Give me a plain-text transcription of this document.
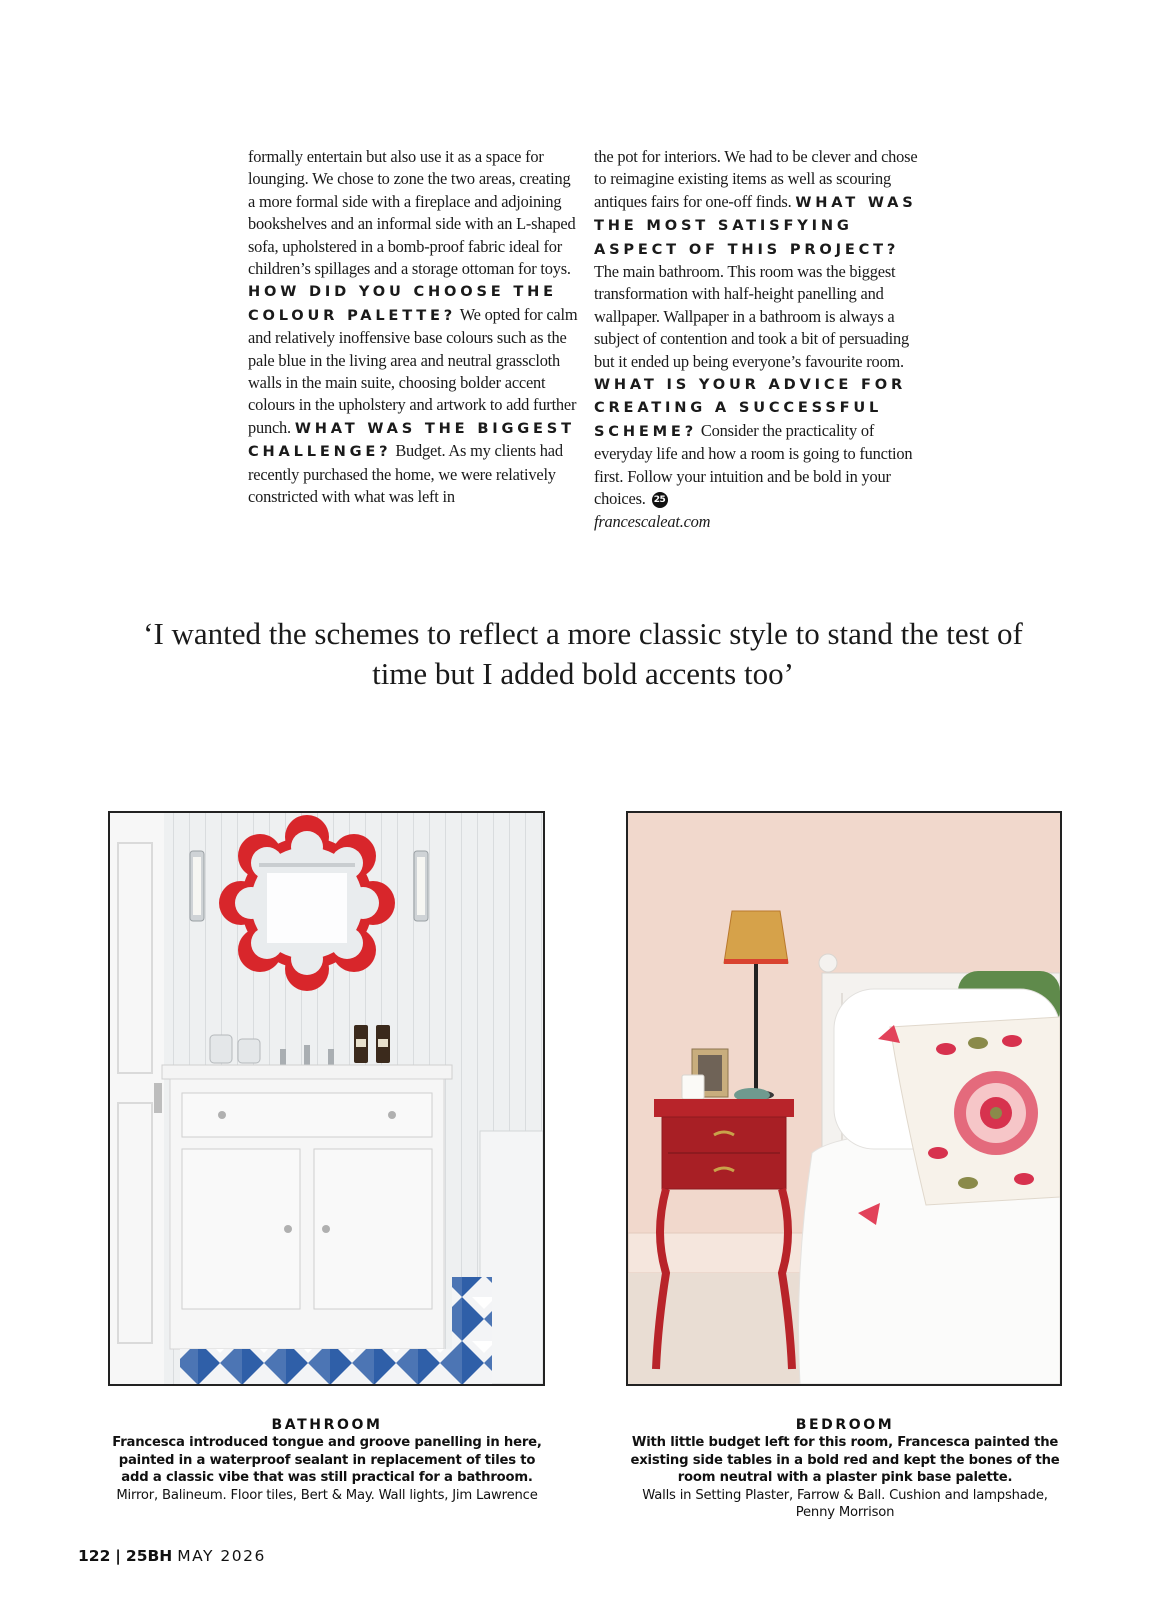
formally entertain but also use it as a space for lounging. We chose to zone the two areas, creating a more formal side with a fireplace and adjoining bookshelves and an informal side with an L-shaped sofa, upholstered in a bomb-proof fabric ideal for children’s spillages and a storage ottoman for toys. HOW DID YOU CHOOSE THE COLOUR PALETTE? We opted for calm and relatively inoffensive base colours such as the pale blue in the living area and neutral grasscloth walls in the main suite, choosing bolder accent colours in the upholstery and artwork to add further punch. WHAT WAS THE BIGGEST CHALLENGE? Budget. As my clients had recently purchased the home, we were relatively constricted with what was left in

the pot for interiors. We had to be clever and chose to reimagine existing items as well as scouring antiques fairs for one-off finds. WHAT WAS THE MOST SATISFYING ASPECT OF THIS PROJECT? The main bathroom. This room was the biggest transformation with half-height panelling and wallpaper. Wallpaper in a bathroom is always a subject of contention and took a bit of persuading but it ended up being everyone’s favourite room. WHAT IS YOUR ADVICE FOR CREATING A SUCCESSFUL SCHEME? Consider the practicality of everyday life and how a room is going to function first. Follow your intuition and be bold in your choices. 25

francescaleat.com

‘I wanted the schemes to reflect a more classic style to stand the test of time but I added bold accents too’

BATHROOM
Francesca introduced tongue and groove panelling in here, painted in a waterproof sealant in replacement of tiles to add a classic vibe that was still practical for a bathroom.
Mirror, Balineum. Floor tiles, Bert & May. Wall lights, Jim Lawrence
BEDROOM
With little budget left for this room, Francesca painted the existing side tables in a bold red and kept the bones of the room neutral with a plaster pink base palette.
Walls in Setting Plaster, Farrow & Ball. Cushion and lampshade, Penny Morrison
122 | 25BH MAY 2026
